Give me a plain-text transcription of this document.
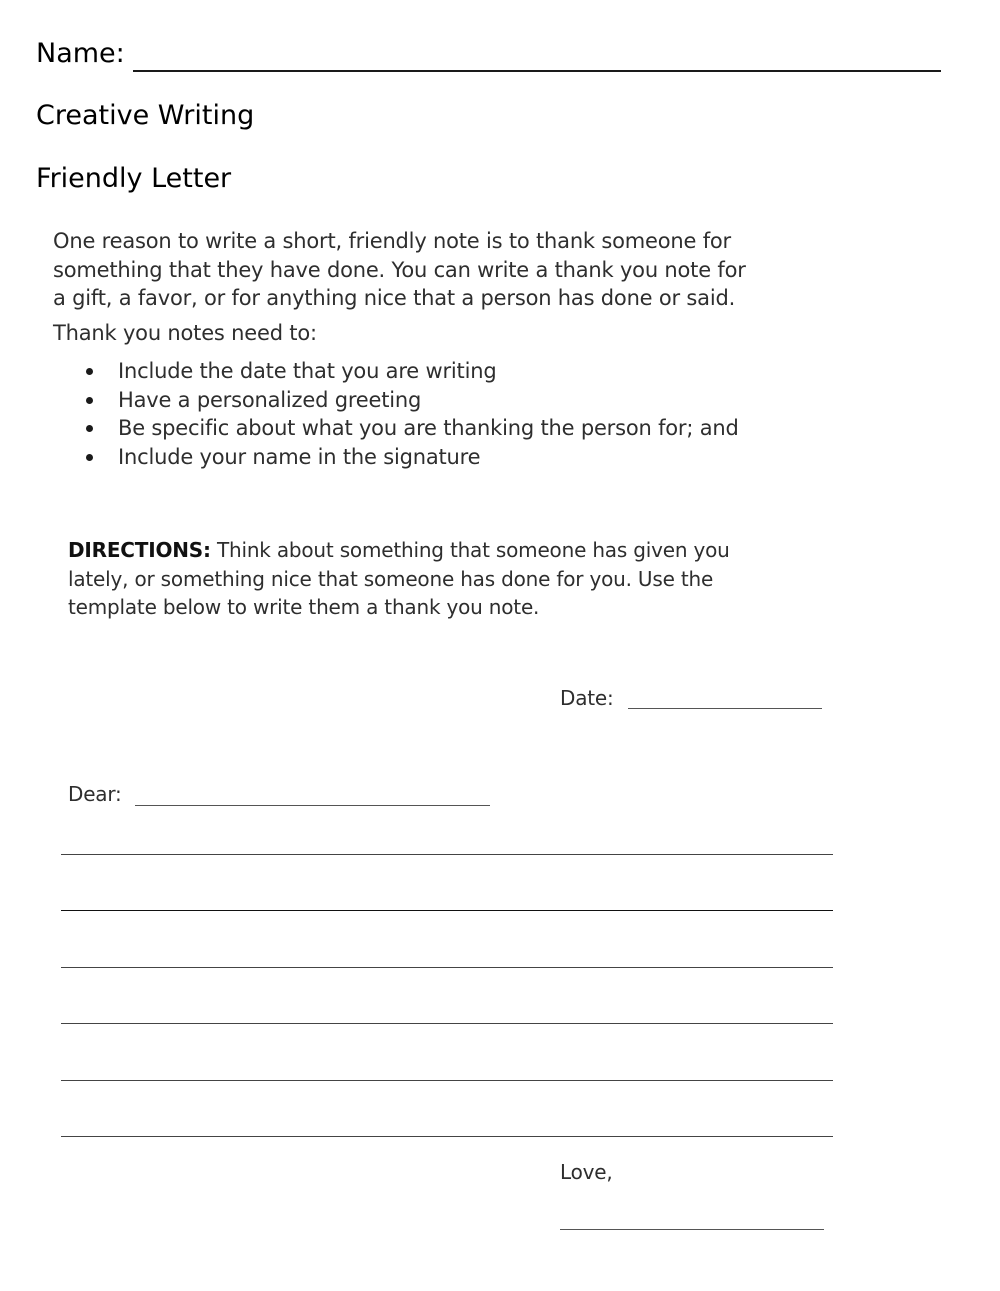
Name:
Creative Writing
Friendly Letter
One reason to write a short, friendly note is to thank someone for
something that they have done. You can write a thank you note for
a gift, a favor, or for anything nice that a person has done or said.
Thank you notes need to:
Include the date that you are writing
Have a personalized greeting
Be specific about what you are thanking the person for; and
Include your name in the signature
DIRECTIONS: Think about something that someone has given you
lately, or something nice that someone has done for you. Use the
template below to write them a thank you note.
Date:
Dear:
Love,
